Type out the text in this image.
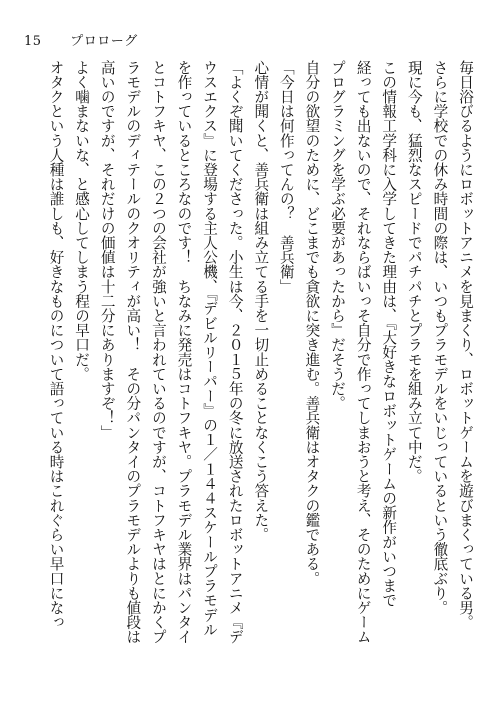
15 プロローグ
毎日浴びるようにロボットアニメを見まくり、ロボットゲームを遊びまくっている男。
さらに学校での休み時間の際は、いつもプラモデルをいじっているという徹底ぶり。
現に今も、猛烈なスピードでパチパチとプラモを組み立て中だ。
この情報工学科に入学してきた理由は、『大好きなロボットゲームの新作がいつまで
経っても出ないので、それならばいっそ自分で作ってしまおうと考え、そのためにゲーム
プログラミングを学ぶ必要があったから』だそうだ。
自分の欲望のために、どこまでも貪欲に突き進む。善兵衛はオタクの鑑である。
「今日は何作ってんの？　善兵衛」
心情が聞くと、善兵衛は組み立てる手を一切止めることなくこう答えた。
「よくぞ聞いてくださった。小生は今、２０１５年の冬に放送されたロボットアニメ『デ
ウスエクス』に登場する主人公機、『デビルリーパー』の１／１４４スケールプラモデル
を作っているところなのです！　ちなみに発売はコトフキヤ。プラモデル業界はパンタイ
とコトフキヤ、この２つの会社が強いと言われているのですが、コトフキヤはとにかくプ
ラモデルのディテールのクオリティが高い！　その分パンタイのプラモデルよりも値段は
高いのですが、それだけの価値は十二分にありますぞ！」
よく噛まないな、と感心してしまう程の早口だ。
オタクという人種は誰しも、好きなものについて語っている時はこれぐらい早口になっ
